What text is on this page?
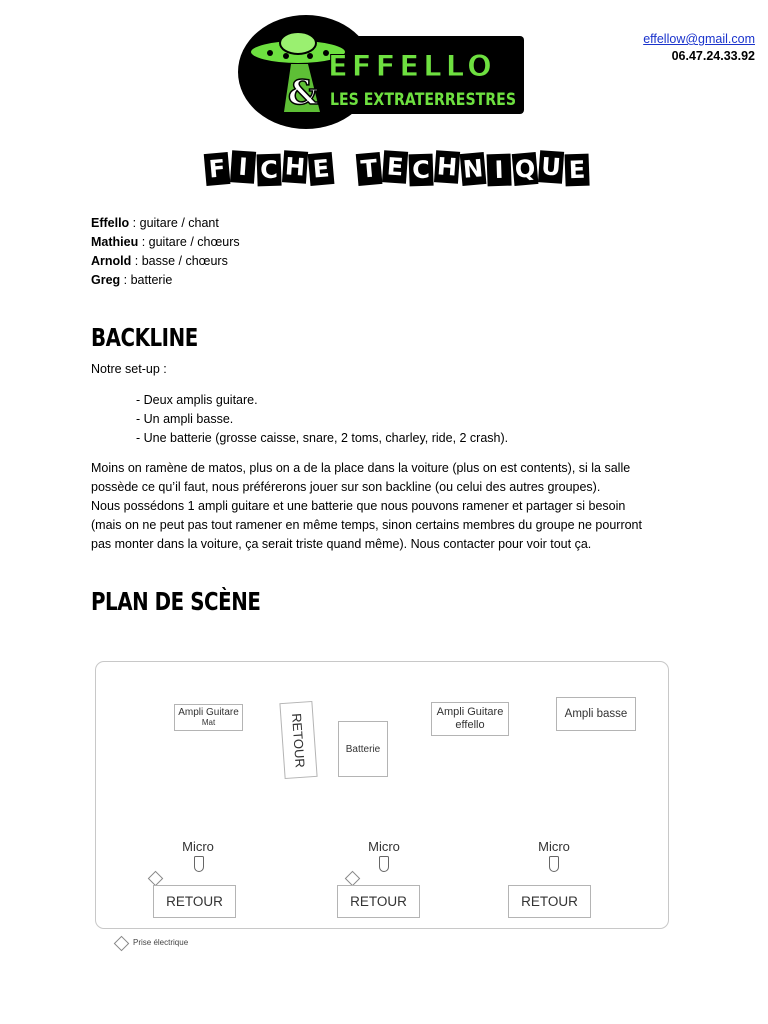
&
EFFELLO
LES EXTRATERRESTRES
effellow@gmail.com
06.47.24.33.92
F I C H E T E C H N I Q U E
Effello : guitare / chant
Mathieu : guitare / chœurs
Arnold : basse / chœurs
Greg : batterie
BACKLINE
Notre set-up :
- Deux amplis guitare.
- Un ampli basse.
- Une batterie (grosse caisse, snare, 2 toms, charley, ride, 2 crash).
Moins on ramène de matos, plus on a de la place dans la voiture (plus on est contents), si la salle
possède ce qu’il faut, nous préférerons jouer sur son backline (ou celui des autres groupes).
Nous possédons 1 ampli guitare et une batterie que nous pouvons ramener et partager si besoin
(mais on ne peut pas tout ramener en même temps, sinon certains membres du groupe ne pourront
pas monter dans la voiture, ça serait triste quand même). Nous contacter pour voir tout ça.
PLAN DE SCÈNE
Ampli Guitare
Mat	RETOUR	Batterie
Ampli Guitare
effello
Ampli basse
Micro
RETOUR
Micro
RETOUR
Micro
RETOUR
Prise électrique
